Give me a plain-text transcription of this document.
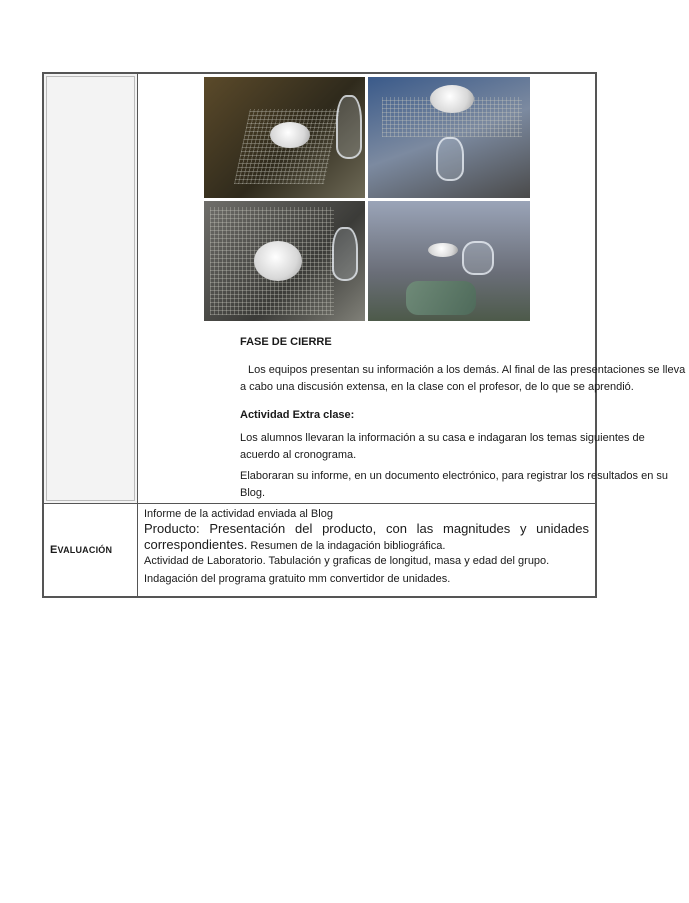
FASE DE CIERRE

Los equipos presentan su información a los demás. Al final de las presentaciones se lleva a cabo una discusión extensa, en la clase con el profesor, de lo que se aprendió.

Actividad Extra clase:

Los alumnos llevaran la información a su casa e indagaran los temas siguientes de acuerdo al cronograma.

Elaboraran su informe, en un documento electrónico, para registrar los resultados en su Blog.

EVALUACIÓN

Informe de la actividad enviada al Blog

Producto: Presentación del producto, con las magnitudes y unidades
correspondientes. Resumen de la indagación bibliográfica.

Actividad de Laboratorio. Tabulación y graficas de longitud, masa y edad del grupo.

Indagación del programa gratuito mm convertidor de unidades.
